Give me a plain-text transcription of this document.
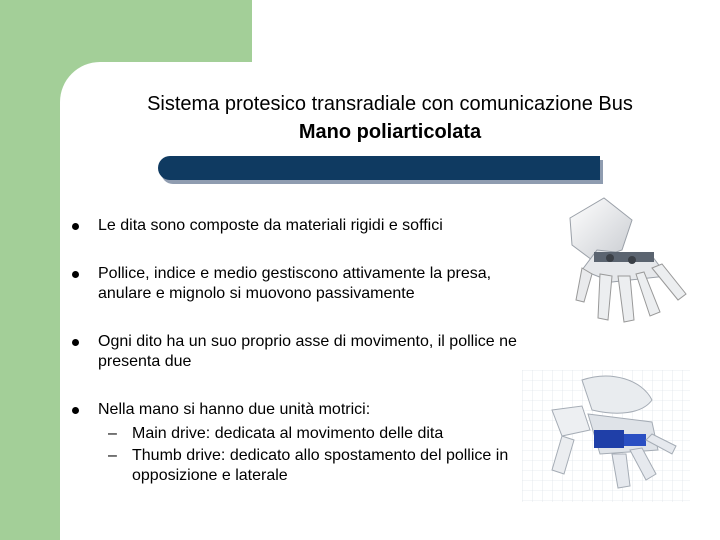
Sistema protesico transradiale con comunicazione Bus
Mano poliarticolata
Le dita sono composte da materiali rigidi e soffici
Pollice, indice e medio gestiscono attivamente la presa, anulare e mignolo si muovono passivamente
Ogni dito ha un suo proprio asse di movimento, il pollice ne presenta due
Nella mano si hanno due unità motrici:
– Main drive: dedicata al movimento delle dita
– Thumb drive: dedicato allo spostamento del pollice in opposizione e laterale
